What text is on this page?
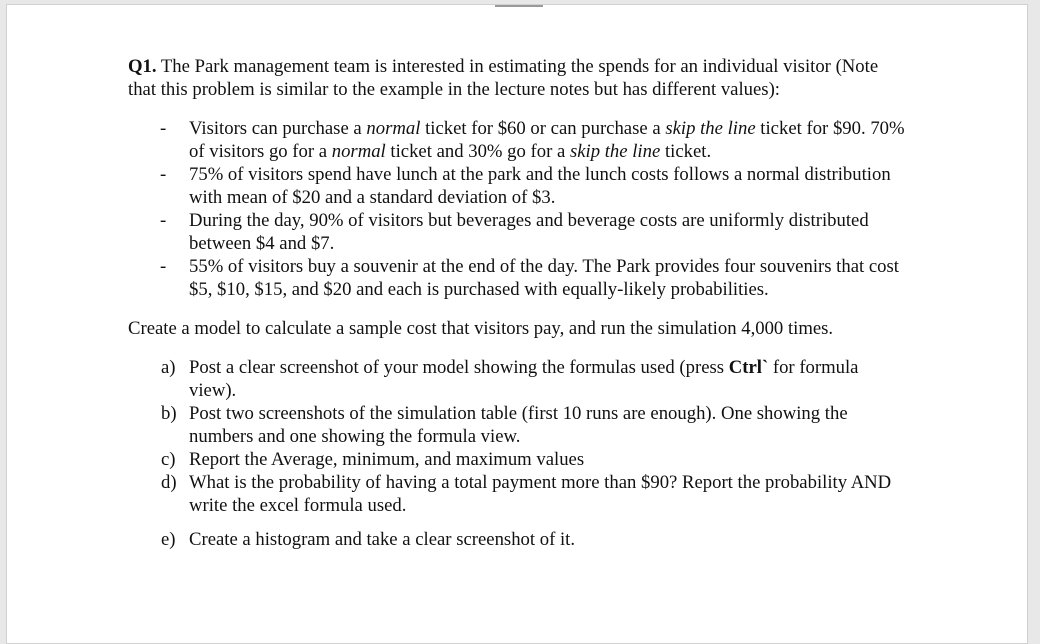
Q1. The Park management team is interested in estimating the spends for an individual visitor (Note that this problem is similar to the example in the lecture notes but has different values):

- Visitors can purchase a normal ticket for $60 or can purchase a skip the line ticket for $90. 70% of visitors go for a normal ticket and 30% go for a skip the line ticket.
- 75% of visitors spend have lunch at the park and the lunch costs follows a normal distribution with mean of $20 and a standard deviation of $3.
- During the day, 90% of visitors but beverages and beverage costs are uniformly distributed between $4 and $7.
- 55% of visitors buy a souvenir at the end of the day. The Park provides four souvenirs that cost $5, $10, $15, and $20 and each is purchased with equally-likely probabilities.

Create a model to calculate a sample cost that visitors pay, and run the simulation 4,000 times.

a) Post a clear screenshot of your model showing the formulas used (press Ctrl` for formula view).
b) Post two screenshots of the simulation table (first 10 runs are enough). One showing the numbers and one showing the formula view.
c) Report the Average, minimum, and maximum values
d) What is the probability of having a total payment more than $90? Report the probability AND write the excel formula used.
e) Create a histogram and take a clear screenshot of it.
